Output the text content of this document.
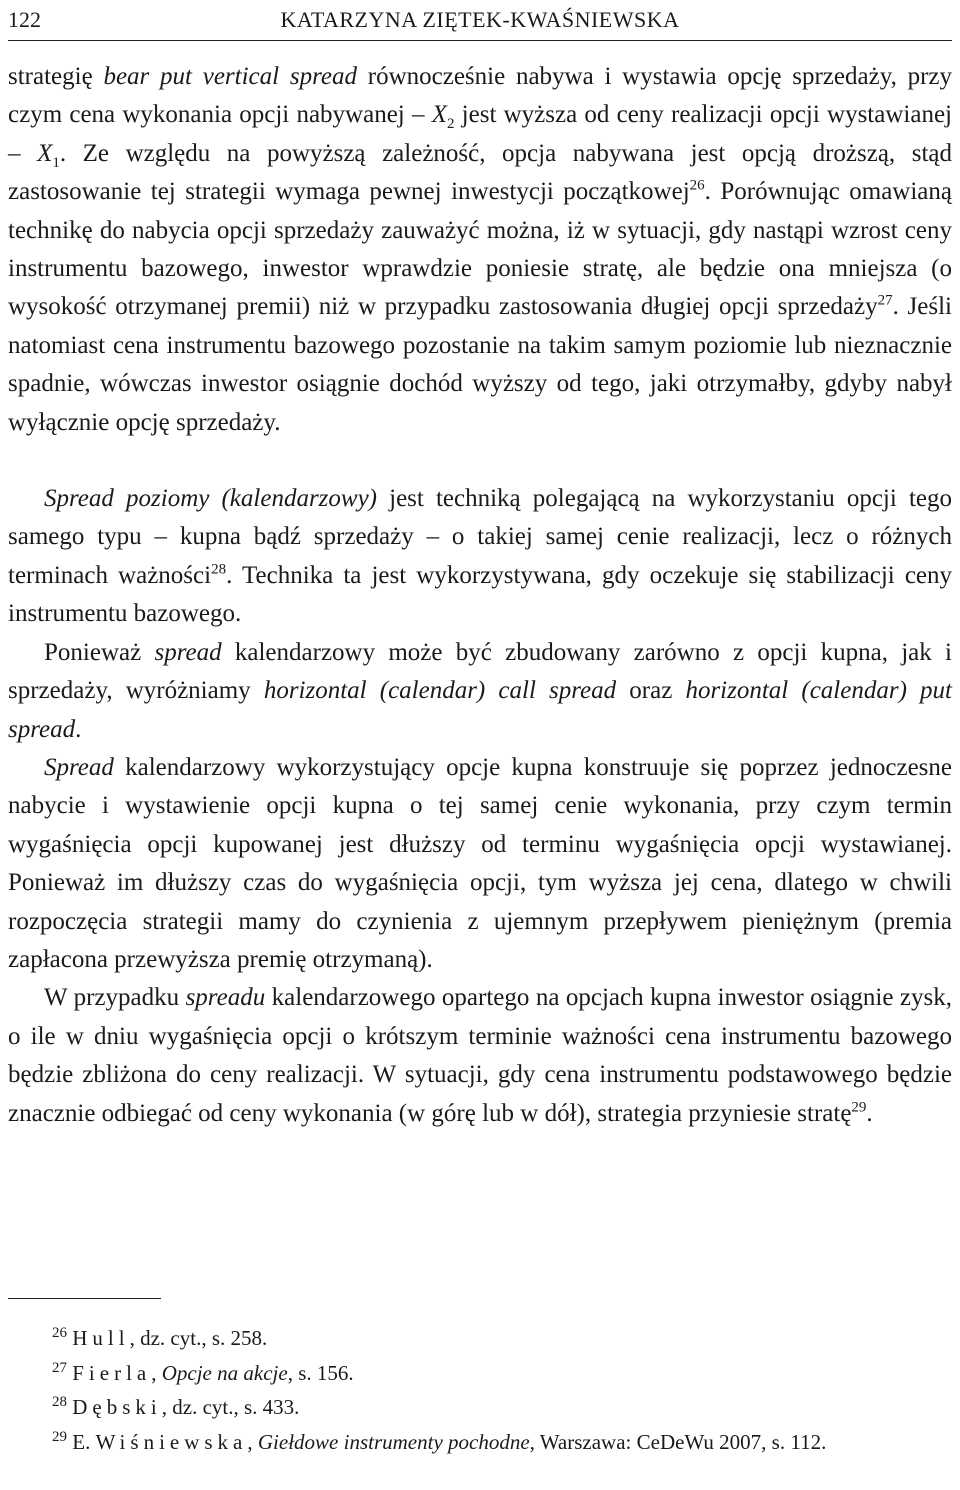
122	KATARZYNA ZIĘTEK-KWAŚNIEWSKA

strategię bear put vertical spread równocześnie nabywa i wystawia opcję sprzedaży, przy czym cena wykonania opcji nabywanej – $X_2$ jest wyższa od ceny realizacji opcji wystawianej – $X_1$. Ze względu na powyższą zależność, opcja nabywana jest opcją droższą, stąd zastosowanie tej strategii wymaga pewnej inwestycji początkowej$^{26}$. Porównując omawianą technikę do nabycia opcji sprzedaży zauważyć można, iż w sytuacji, gdy nastąpi wzrost ceny instrumentu bazowego, inwestor wprawdzie poniesie stratę, ale będzie ona mniejsza (o wysokość otrzymanej premii) niż w przypadku zastosowania długiej opcji sprzedaży$^{27}$. Jeśli natomiast cena instrumentu bazowego pozostanie na takim samym poziomie lub nieznacznie spadnie, wówczas inwestor osiągnie dochód wyższy od tego, jaki otrzymałby, gdyby nabył wyłącznie opcję sprzedaży.

Spread poziomy (kalendarzowy) jest techniką polegającą na wykorzystaniu opcji tego samego typu – kupna bądź sprzedaży – o takiej samej cenie realizacji, lecz o różnych terminach ważności$^{28}$. Technika ta jest wykorzystywana, gdy oczekuje się stabilizacji ceny instrumentu bazowego.

Ponieważ spread kalendarzowy może być zbudowany zarówno z opcji kupna, jak i sprzedaży, wyróżniamy horizontal (calendar) call spread oraz horizontal (calendar) put spread.

Spread kalendarzowy wykorzystujący opcje kupna konstruuje się poprzez jednoczesne nabycie i wystawienie opcji kupna o tej samej cenie wykonania, przy czym termin wygaśnięcia opcji kupowanej jest dłuższy od terminu wygaśnięcia opcji wystawianej. Ponieważ im dłuższy czas do wygaśnięcia opcji, tym wyższa jej cena, dlatego w chwili rozpoczęcia strategii mamy do czynienia z ujemnym przepływem pieniężnym (premia zapłacona przewyższa premię otrzymaną).

W przypadku spreadu kalendarzowego opartego na opcjach kupna inwestor osiągnie zysk, o ile w dniu wygaśnięcia opcji o krótszym terminie ważności cena instrumentu bazowego będzie zbliżona do ceny realizacji. W sytuacji, gdy cena instrumentu podstawowego będzie znacznie odbiegać od ceny wykonania (w górę lub w dół), strategia przyniesie stratę$^{29}$.

$^{26}$ Hull, dz. cyt., s. 258.

$^{27}$ Fierla, Opcje na akcje, s. 156.

$^{28}$ Dębski, dz. cyt., s. 433.

$^{29}$ E. Wiśniewska, Giełdowe instrumenty pochodne, Warszawa: CeDeWu 2007, s. 112.
